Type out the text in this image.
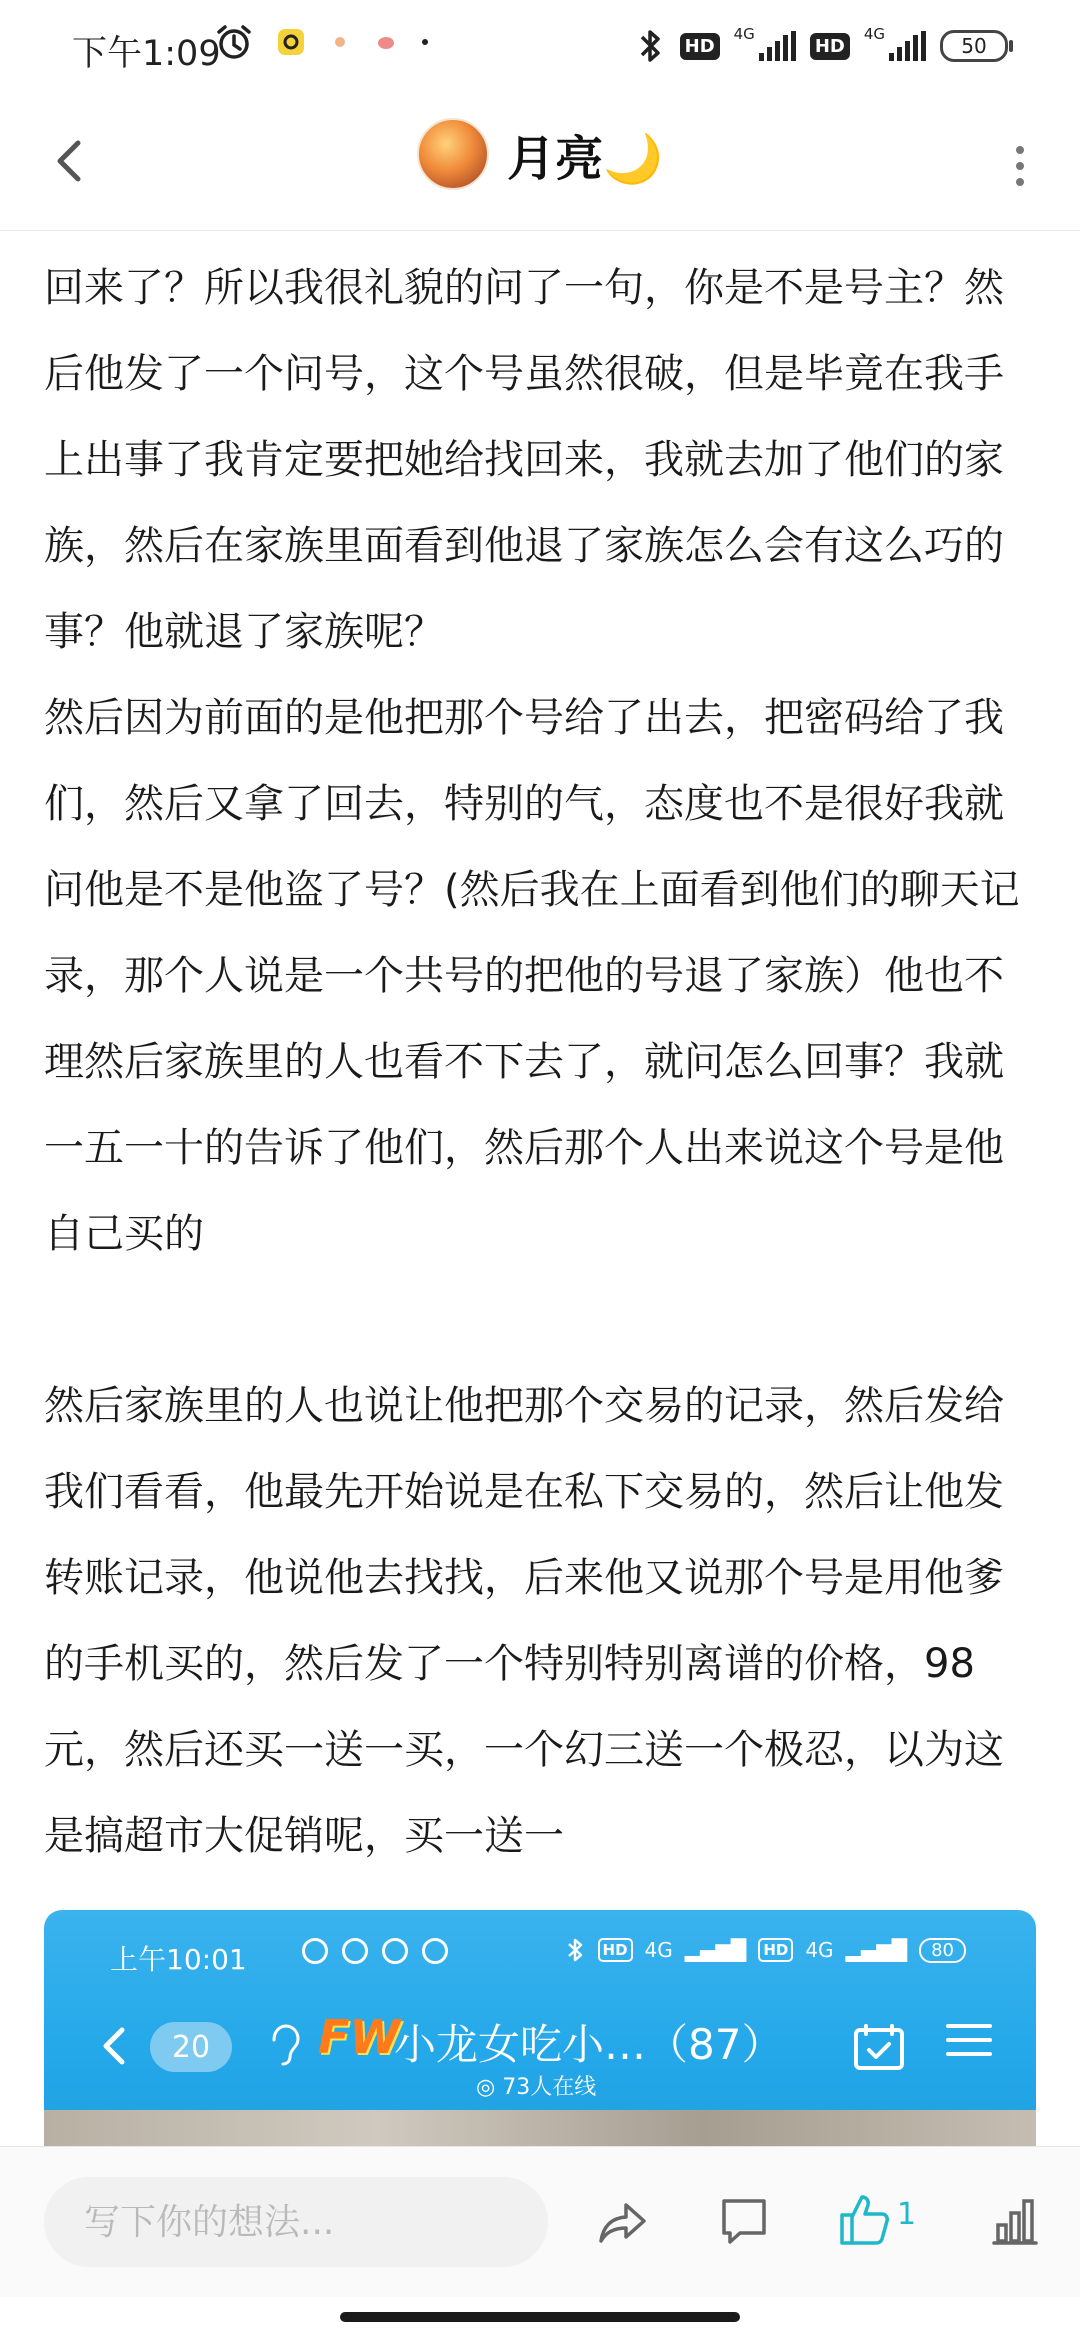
下午1:09	HD
4G
HD
4G	50
月亮🌙

回来了？所以我很礼貌的问了一句，你是不是号主？然后他发了一个问号，这个号虽然很破，但是毕竟在我手上出事了我肯定要把她给找回来，我就去加了他们的家族，然后在家族里面看到他退了家族怎么会有这么巧的事？他就退了家族呢？

然后因为前面的是他把那个号给了出去，把密码给了我们，然后又拿了回去，特别的气，态度也不是很好我就问他是不是他盗了号？(然后我在上面看到他们的聊天记录，那个人说是一个共号的把他的号退了家族）他也不理然后家族里的人也看不下去了，就问怎么回事？我就一五一十的告诉了他们，然后那个人出来说这个号是他自己买的

然后家族里的人也说让他把那个交易的记录，然后发给我们看看，他最先开始说是在私下交易的，然后让他发转账记录，他说他去找找，后来他又说那个号是用他爹的手机买的，然后发了一个特别特别离谱的价格，98元，然后还买一送一买，一个幻三送一个极忍，以为这是搞超市大促销呢，买一送一

上午10:01	HD 4G ▂▄▆█	HD 4G ▂▄▆█	80
20	FW
小龙女吃小…（87）
◎ 73人在线
写下你的想法...
1
